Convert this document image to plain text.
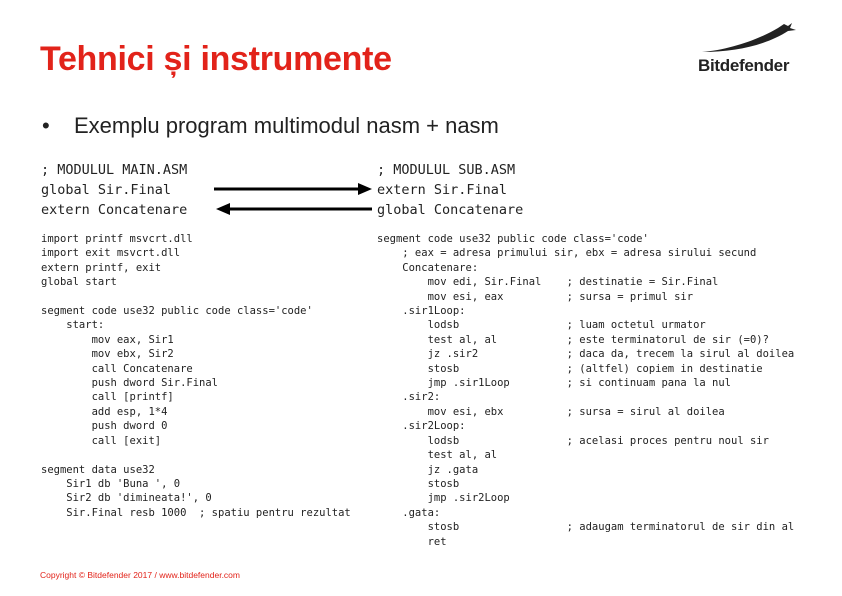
Tehnici și instrumente	Bitdefender
• Exemplu program multimodul nasm + nasm
; MODULUL MAIN.ASM
global Sir.Final
extern Concatenare
; MODULUL SUB.ASM
extern Sir.Final
global Concatenare
import printf msvcrt.dll
import exit msvcrt.dll
extern printf, exit
global start

segment code use32 public code class='code'
start:
mov eax, Sir1
mov ebx, Sir2
call Concatenare
push dword Sir.Final
call [printf]
add esp, 1*4
push dword 0
call [exit]

segment data use32
Sir1 db 'Buna ', 0
Sir2 db 'dimineata!', 0
Sir.Final resb 1000  ; spatiu pentru rezultat
segment code use32 public code class='code'
; eax = adresa primului sir, ebx = adresa sirului secund
Concatenare:
mov edi, Sir.Final    ; destinatie = Sir.Final
mov esi, eax          ; sursa = primul sir
.sir1Loop:
lodsb                 ; luam octetul urmator
test al, al           ; este terminatorul de sir (=0)?
jz .sir2              ; daca da, trecem la sirul al doilea
stosb                 ; (altfel) copiem in destinatie
jmp .sir1Loop         ; si continuam pana la nul
.sir2:
mov esi, ebx          ; sursa = sirul al doilea
.sir2Loop:
lodsb                 ; acelasi proces pentru noul sir
test al, al
jz .gata
stosb
jmp .sir2Loop
.gata:
stosb                 ; adaugam terminatorul de sir din al
ret
Copyright © Bitdefender 2017 / www.bitdefender.com
